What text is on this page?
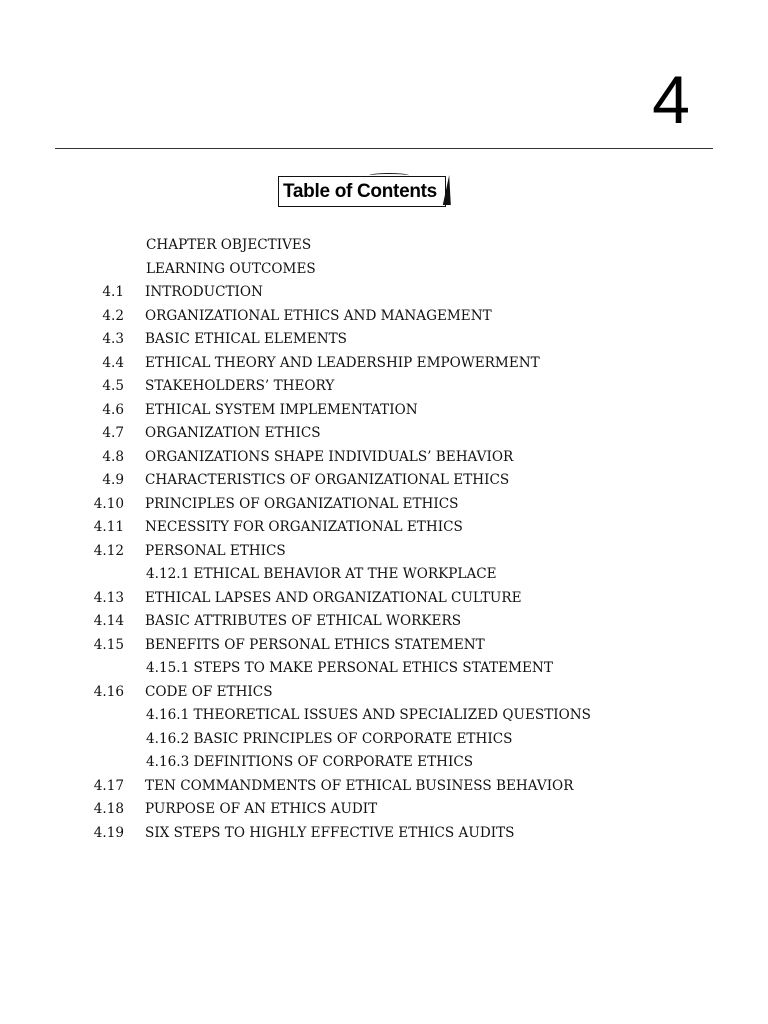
4
Table of Contents
CHAPTER OBJECTIVES
LEARNING OUTCOMES
4.1 INTRODUCTION
4.2 ORGANIZATIONAL ETHICS AND MANAGEMENT
4.3 BASIC ETHICAL ELEMENTS
4.4 ETHICAL THEORY AND LEADERSHIP EMPOWERMENT
4.5 STAKEHOLDERS’ THEORY
4.6 ETHICAL SYSTEM IMPLEMENTATION
4.7 ORGANIZATION ETHICS
4.8 ORGANIZATIONS SHAPE INDIVIDUALS’ BEHAVIOR
4.9 CHARACTERISTICS OF ORGANIZATIONAL ETHICS
4.10 PRINCIPLES OF ORGANIZATIONAL ETHICS
4.11 NECESSITY FOR ORGANIZATIONAL ETHICS
4.12 PERSONAL ETHICS
4.12.1 ETHICAL BEHAVIOR AT THE WORKPLACE
4.13 ETHICAL LAPSES AND ORGANIZATIONAL CULTURE
4.14 BASIC ATTRIBUTES OF ETHICAL WORKERS
4.15 BENEFITS OF PERSONAL ETHICS STATEMENT
4.15.1 STEPS TO MAKE PERSONAL ETHICS STATEMENT
4.16 CODE OF ETHICS
4.16.1 THEORETICAL ISSUES AND SPECIALIZED QUESTIONS
4.16.2 BASIC PRINCIPLES OF CORPORATE ETHICS
4.16.3 DEFINITIONS OF CORPORATE ETHICS
4.17 TEN COMMANDMENTS OF ETHICAL BUSINESS BEHAVIOR
4.18 PURPOSE OF AN ETHICS AUDIT
4.19 SIX STEPS TO HIGHLY EFFECTIVE ETHICS AUDITS
